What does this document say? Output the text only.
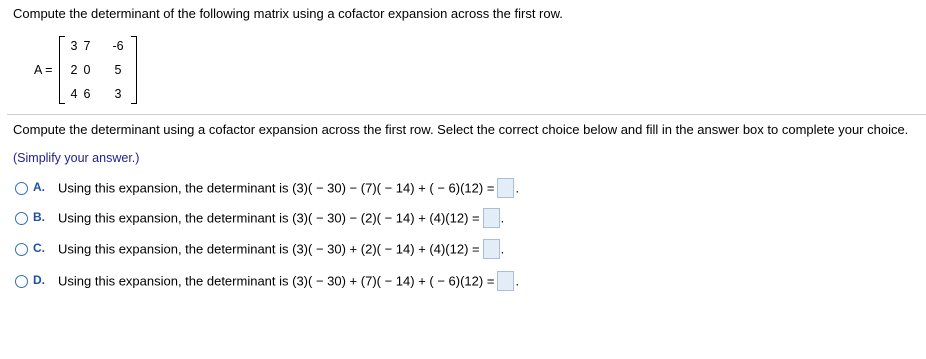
Compute the determinant of the following matrix using a cofactor expansion across the first row.
A =
3 7	-6
2 0 5
4 6 3
Compute the determinant using a cofactor expansion across the first row. Select the correct choice below and fill in the answer box to complete your choice.
(Simplify your answer.)
A. Using this expansion, the determinant is (3)( − 30) − (7)( − 14) + ( − 6)(12) = .
B. Using this expansion, the determinant is (3)( − 30) − (2)( − 14) + (4)(12) = .
C. Using this expansion, the determinant is (3)( − 30) + (2)( − 14) + (4)(12) = .
D. Using this expansion, the determinant is (3)( − 30) + (7)( − 14) + ( − 6)(12) = .
